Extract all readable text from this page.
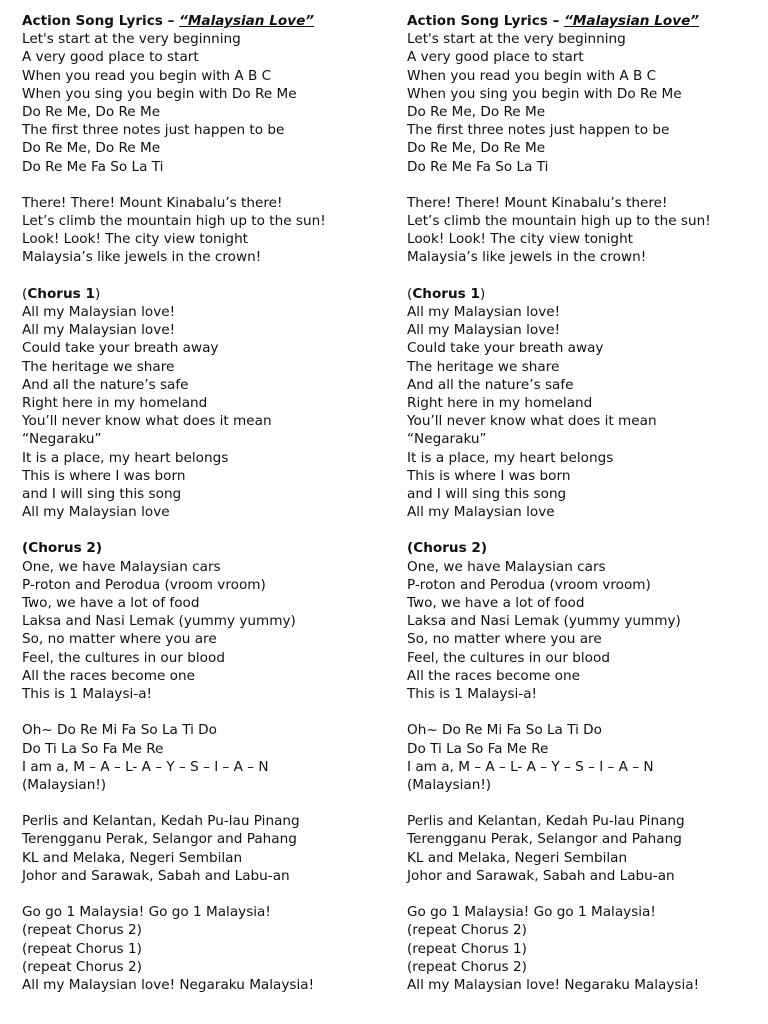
Action Song Lyrics – “Malaysian Love”
Let's start at the very beginning
A very good place to start
When you read you begin with A B C
When you sing you begin with Do Re Me
Do Re Me, Do Re Me
The first three notes just happen to be
Do Re Me, Do Re Me
Do Re Me Fa So La Ti
There! There! Mount Kinabalu’s there!
Let’s climb the mountain high up to the sun!
Look! Look! The city view tonight
Malaysia’s like jewels in the crown!
(Chorus 1)
All my Malaysian love!
All my Malaysian love!
Could take your breath away
The heritage we share
And all the nature’s safe
Right here in my homeland
You’ll never know what does it mean
“Negaraku”
It is a place, my heart belongs
This is where I was born
and I will sing this song
All my Malaysian love
(Chorus 2)
One, we have Malaysian cars
P-roton and Perodua (vroom vroom)
Two, we have a lot of food
Laksa and Nasi Lemak (yummy yummy)
So, no matter where you are
Feel, the cultures in our blood
All the races become one
This is 1 Malaysi-a!
Oh~ Do Re Mi Fa So La Ti Do
Do Ti La So Fa Me Re
I am a, M – A – L- A – Y – S – I – A – N
(Malaysian!)
Perlis and Kelantan, Kedah Pu-lau Pinang
Terengganu Perak, Selangor and Pahang
KL and Melaka, Negeri Sembilan
Johor and Sarawak, Sabah and Labu-an
Go go 1 Malaysia! Go go 1 Malaysia!
(repeat Chorus 2)
(repeat Chorus 1)
(repeat Chorus 2)
All my Malaysian love! Negaraku Malaysia!
Action Song Lyrics – “Malaysian Love”
Let's start at the very beginning
A very good place to start
When you read you begin with A B C
When you sing you begin with Do Re Me
Do Re Me, Do Re Me
The first three notes just happen to be
Do Re Me, Do Re Me
Do Re Me Fa So La Ti
There! There! Mount Kinabalu’s there!
Let’s climb the mountain high up to the sun!
Look! Look! The city view tonight
Malaysia’s like jewels in the crown!
(Chorus 1)
All my Malaysian love!
All my Malaysian love!
Could take your breath away
The heritage we share
And all the nature’s safe
Right here in my homeland
You’ll never know what does it mean
“Negaraku”
It is a place, my heart belongs
This is where I was born
and I will sing this song
All my Malaysian love
(Chorus 2)
One, we have Malaysian cars
P-roton and Perodua (vroom vroom)
Two, we have a lot of food
Laksa and Nasi Lemak (yummy yummy)
So, no matter where you are
Feel, the cultures in our blood
All the races become one
This is 1 Malaysi-a!
Oh~ Do Re Mi Fa So La Ti Do
Do Ti La So Fa Me Re
I am a, M – A – L- A – Y – S – I – A – N
(Malaysian!)
Perlis and Kelantan, Kedah Pu-lau Pinang
Terengganu Perak, Selangor and Pahang
KL and Melaka, Negeri Sembilan
Johor and Sarawak, Sabah and Labu-an
Go go 1 Malaysia! Go go 1 Malaysia!
(repeat Chorus 2)
(repeat Chorus 1)
(repeat Chorus 2)
All my Malaysian love! Negaraku Malaysia!
